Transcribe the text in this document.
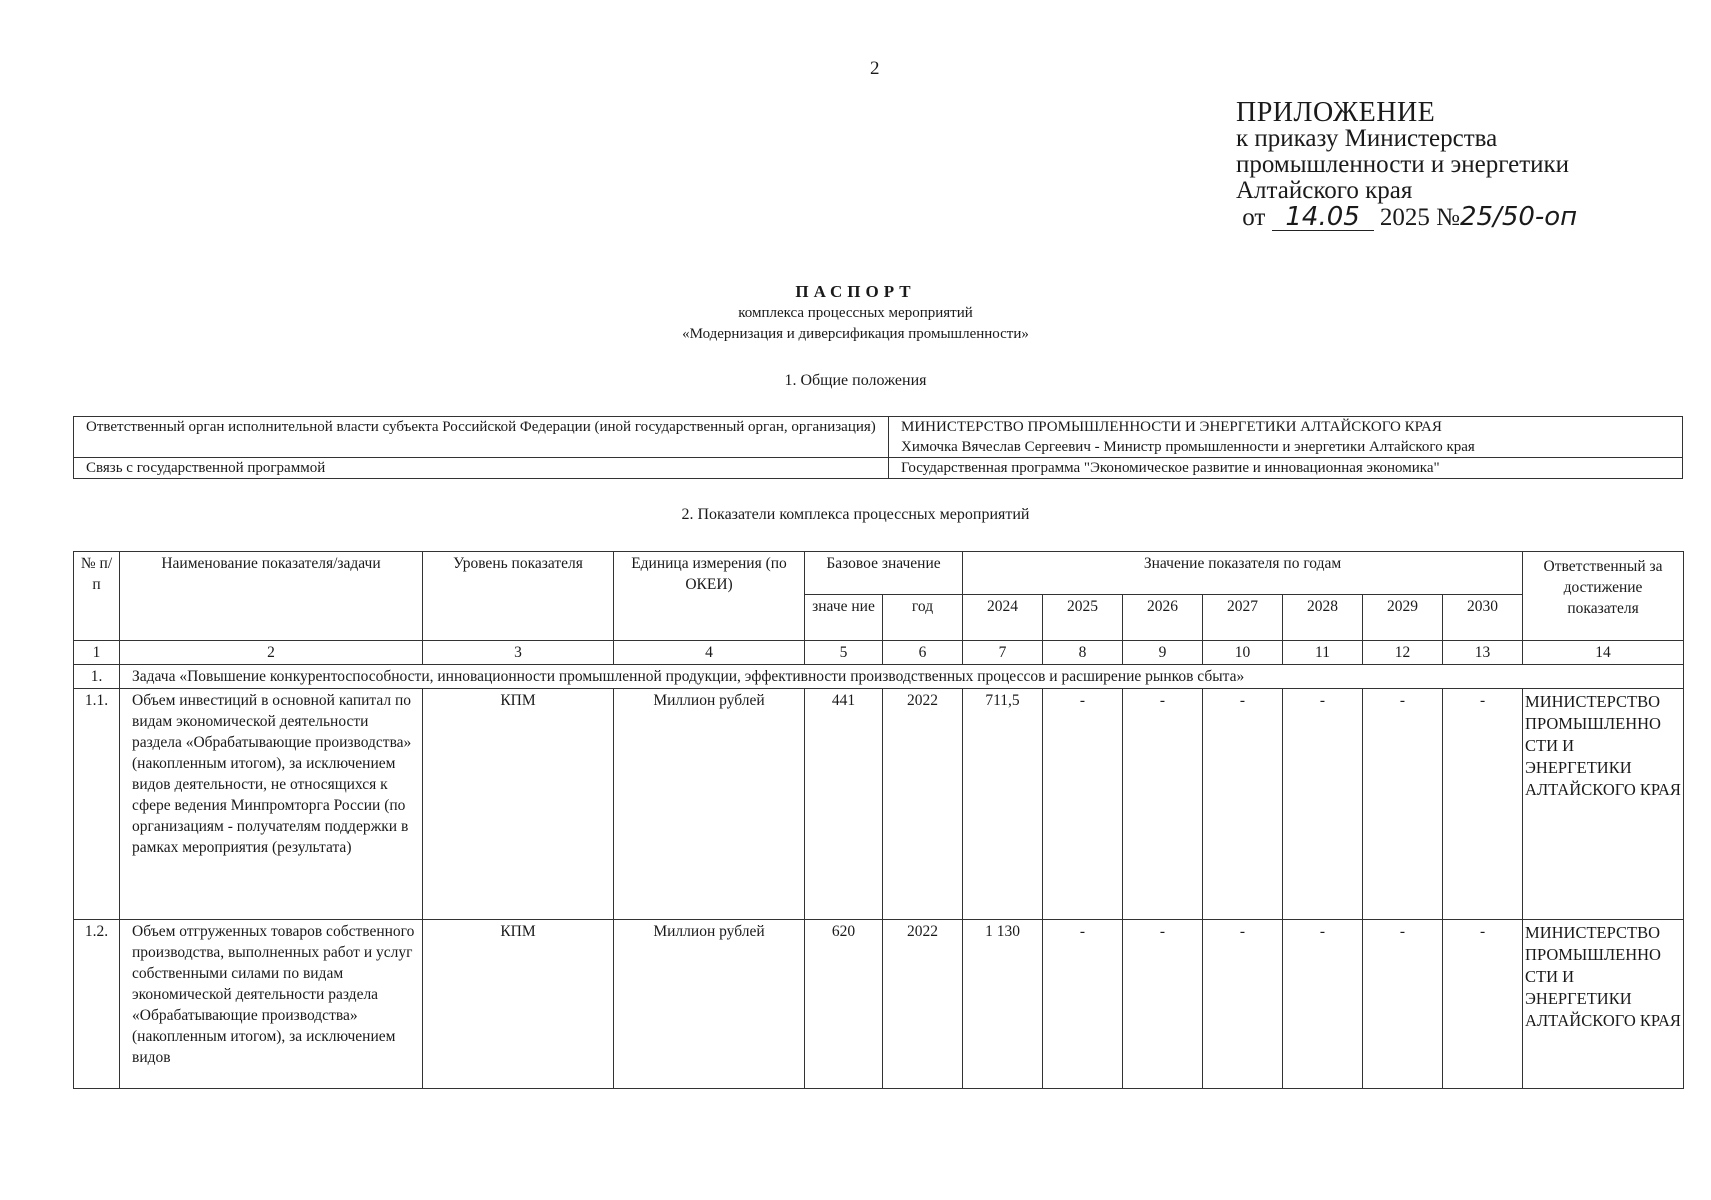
2
ПРИЛОЖЕНИЕ
к приказу Министерства
промышленности и энергетики
Алтайского края
от 14.05 2025 №25/50-оп
ПАСПОРТ
комплекса процессных мероприятий
«Модернизация и диверсификация промышленности»
1. Общие положения
Ответственный орган исполнительной власти субъекта Российской Федерации (иной государственный орган, организация)	МИНИСТЕРСТВО ПРОМЫШЛЕННОСТИ И ЭНЕРГЕТИКИ АЛТАЙСКОГО КРАЯ
Химочка Вячеслав Сергеевич - Министр промышленности и энергетики Алтайского края

Связь с государственной программой	Государственная программа "Экономическое развитие и инновационная экономика"
2. Показатели комплекса процессных мероприятий
№ п/п	Наименование показателя/задачи	Уровень показателя	Единица измерения (по ОКЕИ)	Базовое значение		Значение показателя по годам							Ответственный за достижение показателя
				значе ние	год	2024	2025	2026	2027	2028	2029	2030	
1	2	3	4	5	6	7	8	9	10	11	12	13	14
1.	Задача «Повышение конкурентоспособности, инновационности промышленной продукции, эффективности производственных процессов и расширение рынков сбыта»												
1.1.	Объем инвестиций в основной капитал по видам экономической деятельности раздела «Обрабатывающие производства» (накопленным итогом), за исключением видов деятельности, не относящихся к сфере ведения Минпромторга России (по организациям - получателям поддержки в рамках мероприятия (результата)	КПМ	Миллион рублей	441	2022	711,5	-	-	-	-	-	-	МИНИСТЕРСТВО ПРОМЫШЛЕННО СТИ И ЭНЕРГЕТИКИ АЛТАЙСКОГО КРАЯ
1.2.	Объем отгруженных товаров собственного производства, выполненных работ и услуг собственными силами по видам экономической деятельности раздела «Обрабатывающие производства» (накопленным итогом), за исключением видов	КПМ	Миллион рублей	620	2022	1 130	-	-	-	-	-	-	МИНИСТЕРСТВО ПРОМЫШЛЕННО СТИ И ЭНЕРГЕТИКИ АЛТАЙСКОГО КРАЯ
